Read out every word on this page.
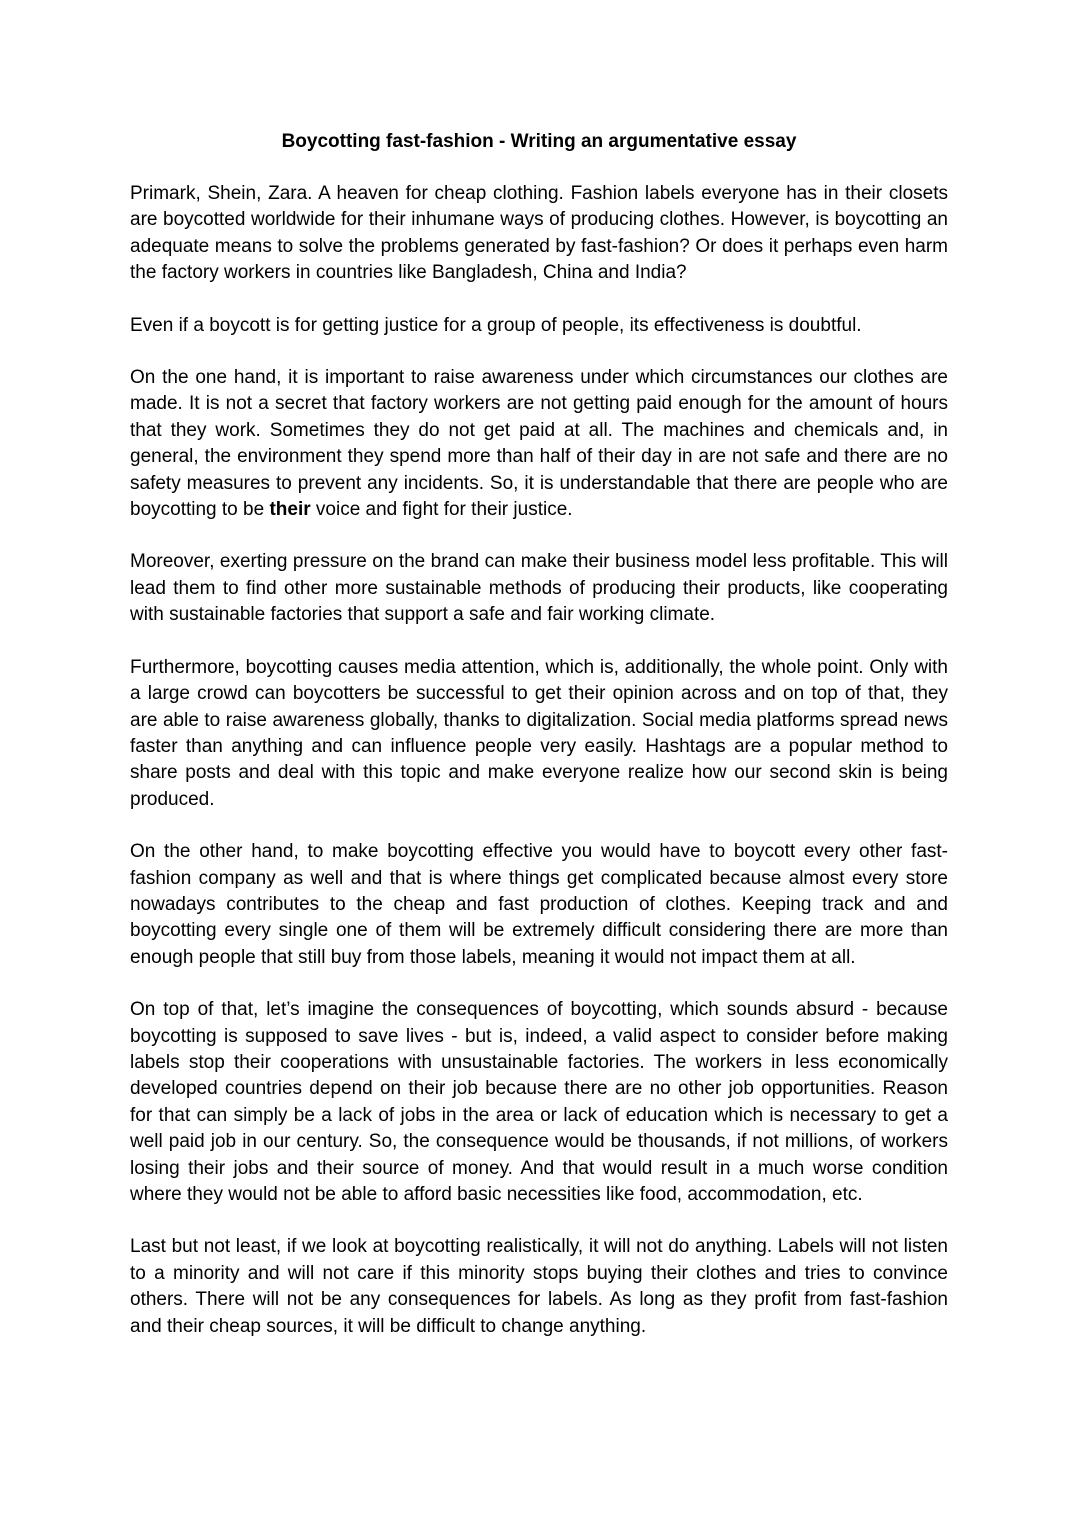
Boycotting fast-fashion - Writing an argumentative essay

Primark, Shein, Zara. A heaven for cheap clothing. Fashion labels everyone has in their closets are boycotted worldwide for their inhumane ways of producing clothes. However, is boycotting an adequate means to solve the problems generated by fast-fashion? Or does it perhaps even harm the factory workers in countries like Bangladesh, China and India?

Even if a boycott is for getting justice for a group of people, its effectiveness is doubtful.

On the one hand, it is important to raise awareness under which circumstances our clothes are made. It is not a secret that factory workers are not getting paid enough for the amount of hours that they work. Sometimes they do not get paid at all. The machines and chemicals and, in general, the environment they spend more than half of their day in are not safe and there are no safety measures to prevent any incidents. So, it is understandable that there are people who are boycotting to be their voice and fight for their justice.

Moreover, exerting pressure on the brand can make their business model less profitable. This will lead them to find other more sustainable methods of producing their products, like cooperating with sustainable factories that support a safe and fair working climate.

Furthermore, boycotting causes media attention, which is, additionally, the whole point. Only with a large crowd can boycotters be successful to get their opinion across and on top of that, they are able to raise awareness globally, thanks to digitalization. Social media platforms spread news faster than anything and can influence people very easily. Hashtags are a popular method to share posts and deal with this topic and make everyone realize how our second skin is being produced.

On the other hand, to make boycotting effective you would have to boycott every other fast-fashion company as well and that is where things get complicated because almost every store nowadays contributes to the cheap and fast production of clothes. Keeping track and and boycotting every single one of them will be extremely difficult considering there are more than enough people that still buy from those labels, meaning it would not impact them at all.

On top of that, let’s imagine the consequences of boycotting, which sounds absurd - because boycotting is supposed to save lives - but is, indeed, a valid aspect to consider before making labels stop their cooperations with unsustainable factories. The workers in less economically developed countries depend on their job because there are no other job opportunities. Reason for that can simply be a lack of jobs in the area or lack of education which is necessary to get a well paid job in our century. So, the consequence would be thousands, if not millions, of workers losing their jobs and their source of money. And that would result in a much worse condition where they would not be able to afford basic necessities like food, accommodation, etc.

Last but not least, if we look at boycotting realistically, it will not do anything. Labels will not listen to a minority and will not care if this minority stops buying their clothes and tries to convince others. There will not be any consequences for labels. As long as they profit from fast-fashion and their cheap sources, it will be difficult to change anything.
